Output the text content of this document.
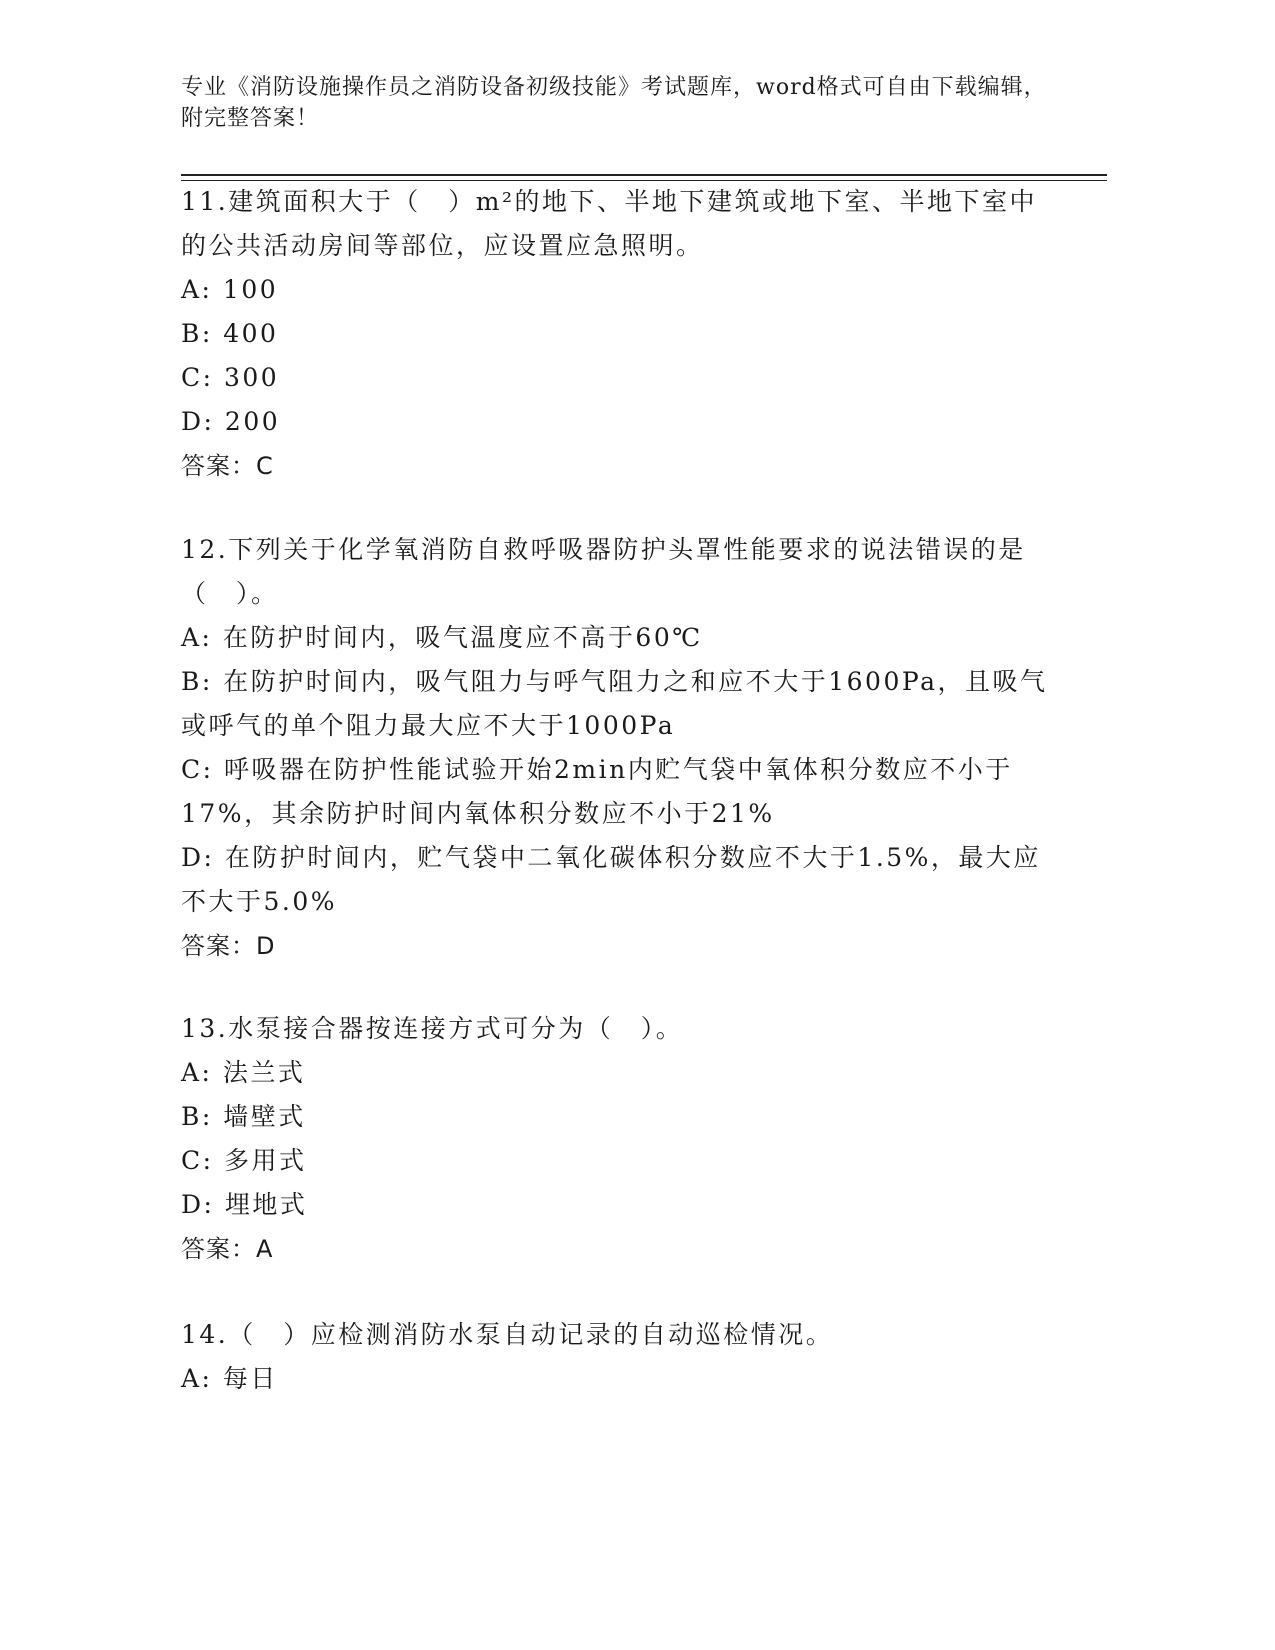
专业《消防设施操作员之消防设备初级技能》考试题库，word格式可自由下载编辑，附完整答案！

11.建筑面积大于（　）m²的地下、半地下建筑或地下室、半地下室中的公共活动房间等部位，应设置应急照明。

A: 100

B: 400

C: 300

D: 200

答案：C

12.下列关于化学氧消防自救呼吸器防护头罩性能要求的说法错误的是（　）。

A: 在防护时间内，吸气温度应不高于60℃

B: 在防护时间内，吸气阻力与呼气阻力之和应不大于1600Pa，且吸气或呼气的单个阻力最大应不大于1000Pa

C: 呼吸器在防护性能试验开始2min内贮气袋中氧体积分数应不小于17%，其余防护时间内氧体积分数应不小于21%

D: 在防护时间内，贮气袋中二氧化碳体积分数应不大于1.5%，最大应不大于5.0%

答案：D

13.水泵接合器按连接方式可分为（　）。

A: 法兰式

B: 墙壁式

C: 多用式

D: 埋地式

答案：A

14.（　）应检测消防水泵自动记录的自动巡检情况。

A: 每日
